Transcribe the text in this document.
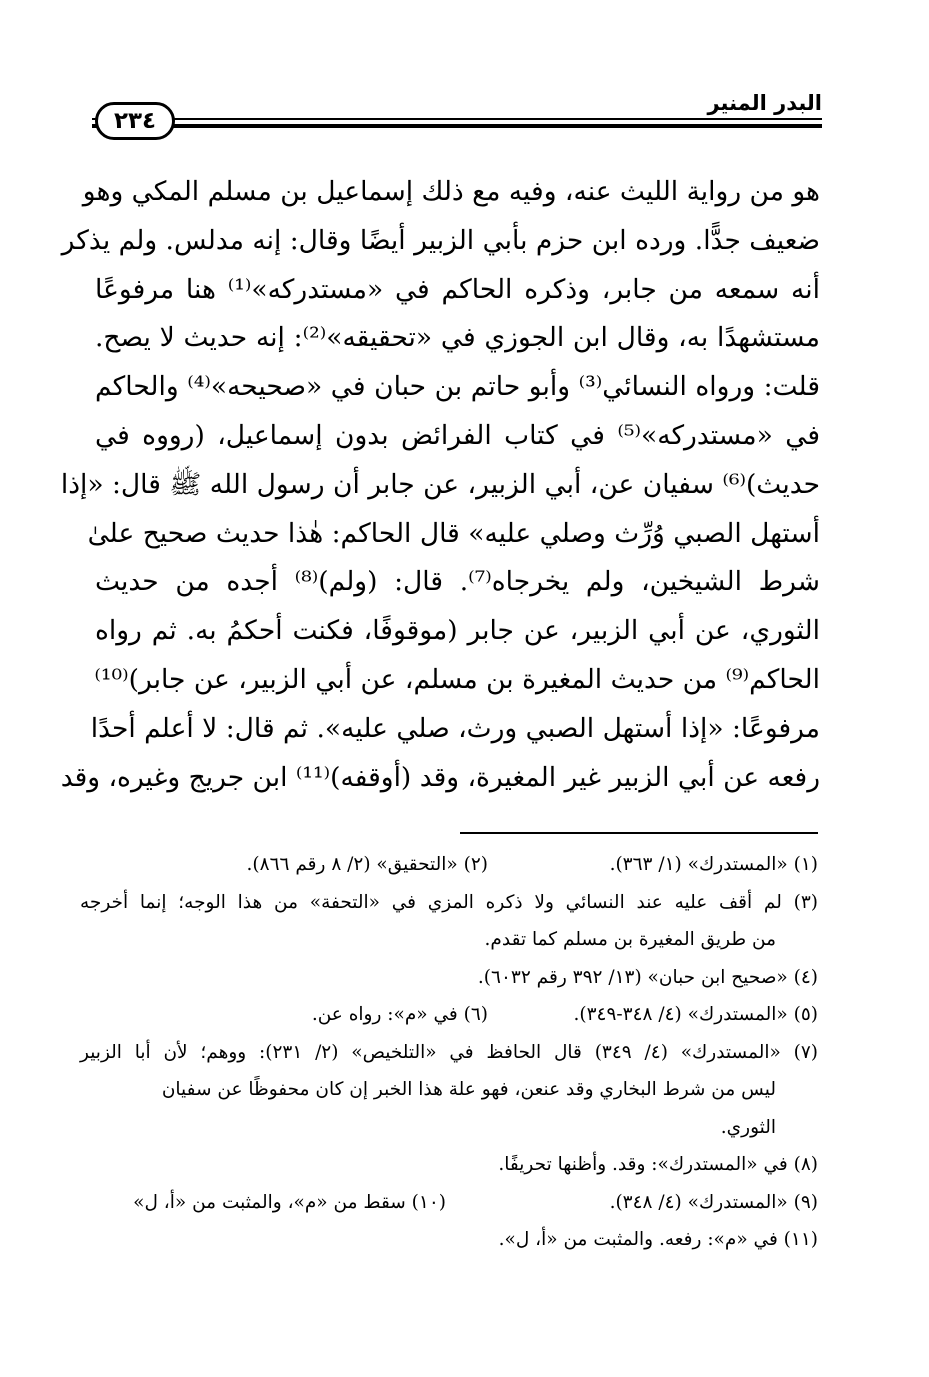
البدر المنير
٢٣٤
هو من رواية الليث عنه، وفيه مع ذلك إسماعيل بن مسلم المكي وهو
ضعيف جدًّا. ورده ابن حزم بأبي الزبير أيضًا وقال: إنه مدلس. ولم يذكر
أنه سمعه من جابر، وذكره الحاكم في «مستدركه»⁽¹⁾ هنا مرفوعًا
مستشهدًا به، وقال ابن الجوزي في «تحقيقه»⁽²⁾: إنه حديث لا يصح.
قلت: ورواه النسائي⁽³⁾ وأبو حاتم بن حبان في «صحيحه»⁽⁴⁾ والحاكم
في «مستدركه»⁽⁵⁾ في كتاب الفرائض بدون إسماعيل، (رووه في
حديث)⁽⁶⁾ سفيان عن، أبي الزبير، عن جابر أن رسول الله ﷺ قال: «إذا
أستهل الصبي وُرِّث وصلي عليه» قال الحاكم: هٰذا حديث صحيح علىٰ
شرط الشيخين، ولم يخرجاه⁽⁷⁾. قال: (ولم)⁽⁸⁾ أجده من حديث
الثوري، عن أبي الزبير، عن جابر (موقوفًا، فكنت أحكمُ به. ثم رواه
الحاكم⁽⁹⁾ من حديث المغيرة بن مسلم، عن أبي الزبير، عن جابر)⁽¹⁰⁾
مرفوعًا: «إذا أستهل الصبي ورث، صلي عليه». ثم قال: لا أعلم أحدًا
رفعه عن أبي الزبير غير المغيرة، وقد (أوقفه)⁽¹¹⁾ ابن جريج وغيره، وقد
(١) «المستدرك» (١/ ٣٦٣).
(٢) «التحقيق» (٢/ ٨ رقم ٨٦٦).
(٣) لم أقف عليه عند النسائي ولا ذكره المزي في «التحفة» من هذا الوجه؛ إنما أخرجه
من طريق المغيرة بن مسلم كما تقدم.
(٤) «صحيح ابن حبان» (١٣/ ٣٩٢ رقم ٦٠٣٢).
(٥) «المستدرك» (٤/ ٣٤٨-٣٤٩).
(٦) في «م»: رواه عن.
(٧) «المستدرك» (٤/ ٣٤٩) قال الحافظ في «التلخيص» (٢/ ٢٣١): ووهم؛ لأن أبا الزبير
ليس من شرط البخاري وقد عنعن، فهو علة هذا الخبر إن كان محفوظًا عن سفيان
الثوري.
(٨) في «المستدرك»: وقد. وأظنها تحريفًا.
(٩) «المستدرك» (٤/ ٣٤٨).
(١٠) سقط من «م»، والمثبت من «أ، ل»
(١١) في «م»: رفعه. والمثبت من «أ، ل».
